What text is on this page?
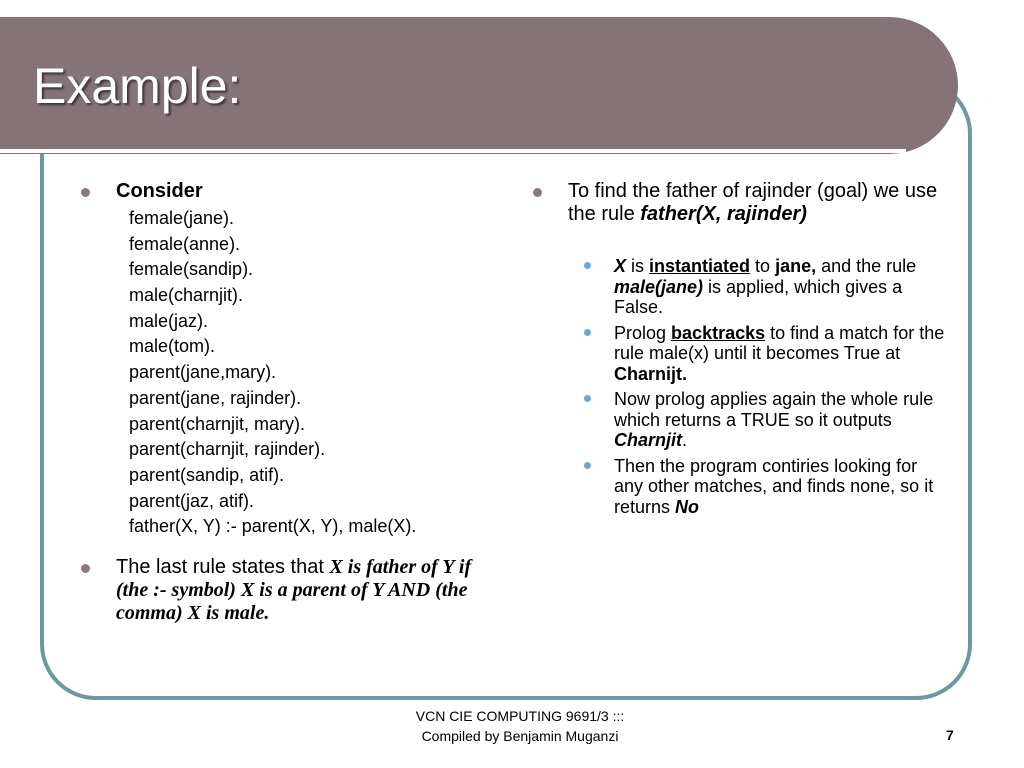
Example:
Consider
female(jane).
female(anne).
female(sandip).
male(charnjit).
male(jaz).
male(tom).
parent(jane,mary).
parent(jane, rajinder).
parent(charnjit, mary).
parent(charnjit, rajinder).
parent(sandip, atif).
parent(jaz, atif).
father(X, Y) :- parent(X, Y), male(X).
The last rule states that X is father of Y if (the :- symbol) X is a parent of Y AND (the comma) X is male.
To find the father of rajinder (goal) we use the rule father(X, rajinder)
X is instantiated to jane, and the rule male(jane) is applied, which gives a False.
Prolog backtracks to find a match for the rule male(x) until it becomes True at Charnijt.
Now prolog applies again the whole rule which returns a TRUE so it outputs Charnjit.
Then the program contiries looking for any other matches, and finds none, so it returns No
VCN CIE COMPUTING 9691/3 :::
Compiled by Benjamin Muganzi	7
